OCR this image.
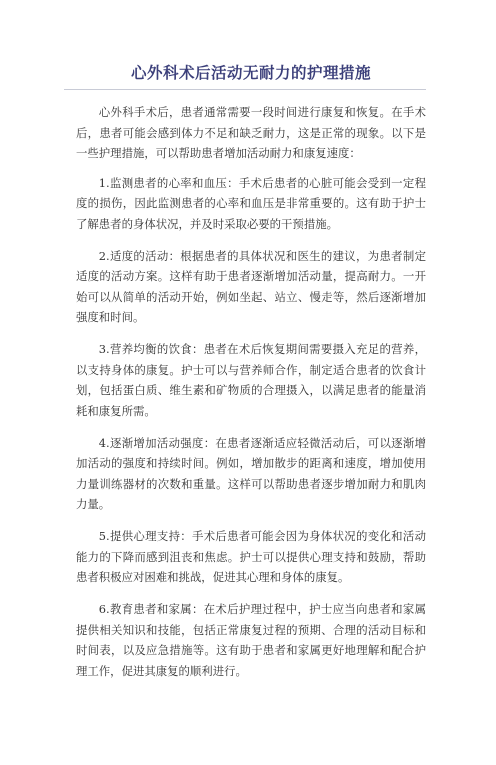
心外科术后活动无耐力的护理措施

心外科手术后，患者通常需要一段时间进行康复和恢复。在手术后，患者可能会感到体力不足和缺乏耐力，这是正常的现象。以下是一些护理措施，可以帮助患者增加活动耐力和康复速度：

1.监测患者的心率和血压：手术后患者的心脏可能会受到一定程度的损伤，因此监测患者的心率和血压是非常重要的。这有助于护士了解患者的身体状况，并及时采取必要的干预措施。

2.适度的活动：根据患者的具体状况和医生的建议，为患者制定适度的活动方案。这样有助于患者逐渐增加活动量，提高耐力。一开始可以从简单的活动开始，例如坐起、站立、慢走等，然后逐渐增加强度和时间。

3.营养均衡的饮食：患者在术后恢复期间需要摄入充足的营养，以支持身体的康复。护士可以与营养师合作，制定适合患者的饮食计划，包括蛋白质、维生素和矿物质的合理摄入，以满足患者的能量消耗和康复所需。

4.逐渐增加活动强度：在患者逐渐适应轻微活动后，可以逐渐增加活动的强度和持续时间。例如，增加散步的距离和速度，增加使用力量训练器材的次数和重量。这样可以帮助患者逐步增加耐力和肌肉力量。

5.提供心理支持：手术后患者可能会因为身体状况的变化和活动能力的下降而感到沮丧和焦虑。护士可以提供心理支持和鼓励，帮助患者积极应对困难和挑战，促进其心理和身体的康复。

6.教育患者和家属：在术后护理过程中，护士应当向患者和家属提供相关知识和技能，包括正常康复过程的预期、合理的活动目标和时间表，以及应急措施等。这有助于患者和家属更好地理解和配合护理工作，促进其康复的顺利进行。
